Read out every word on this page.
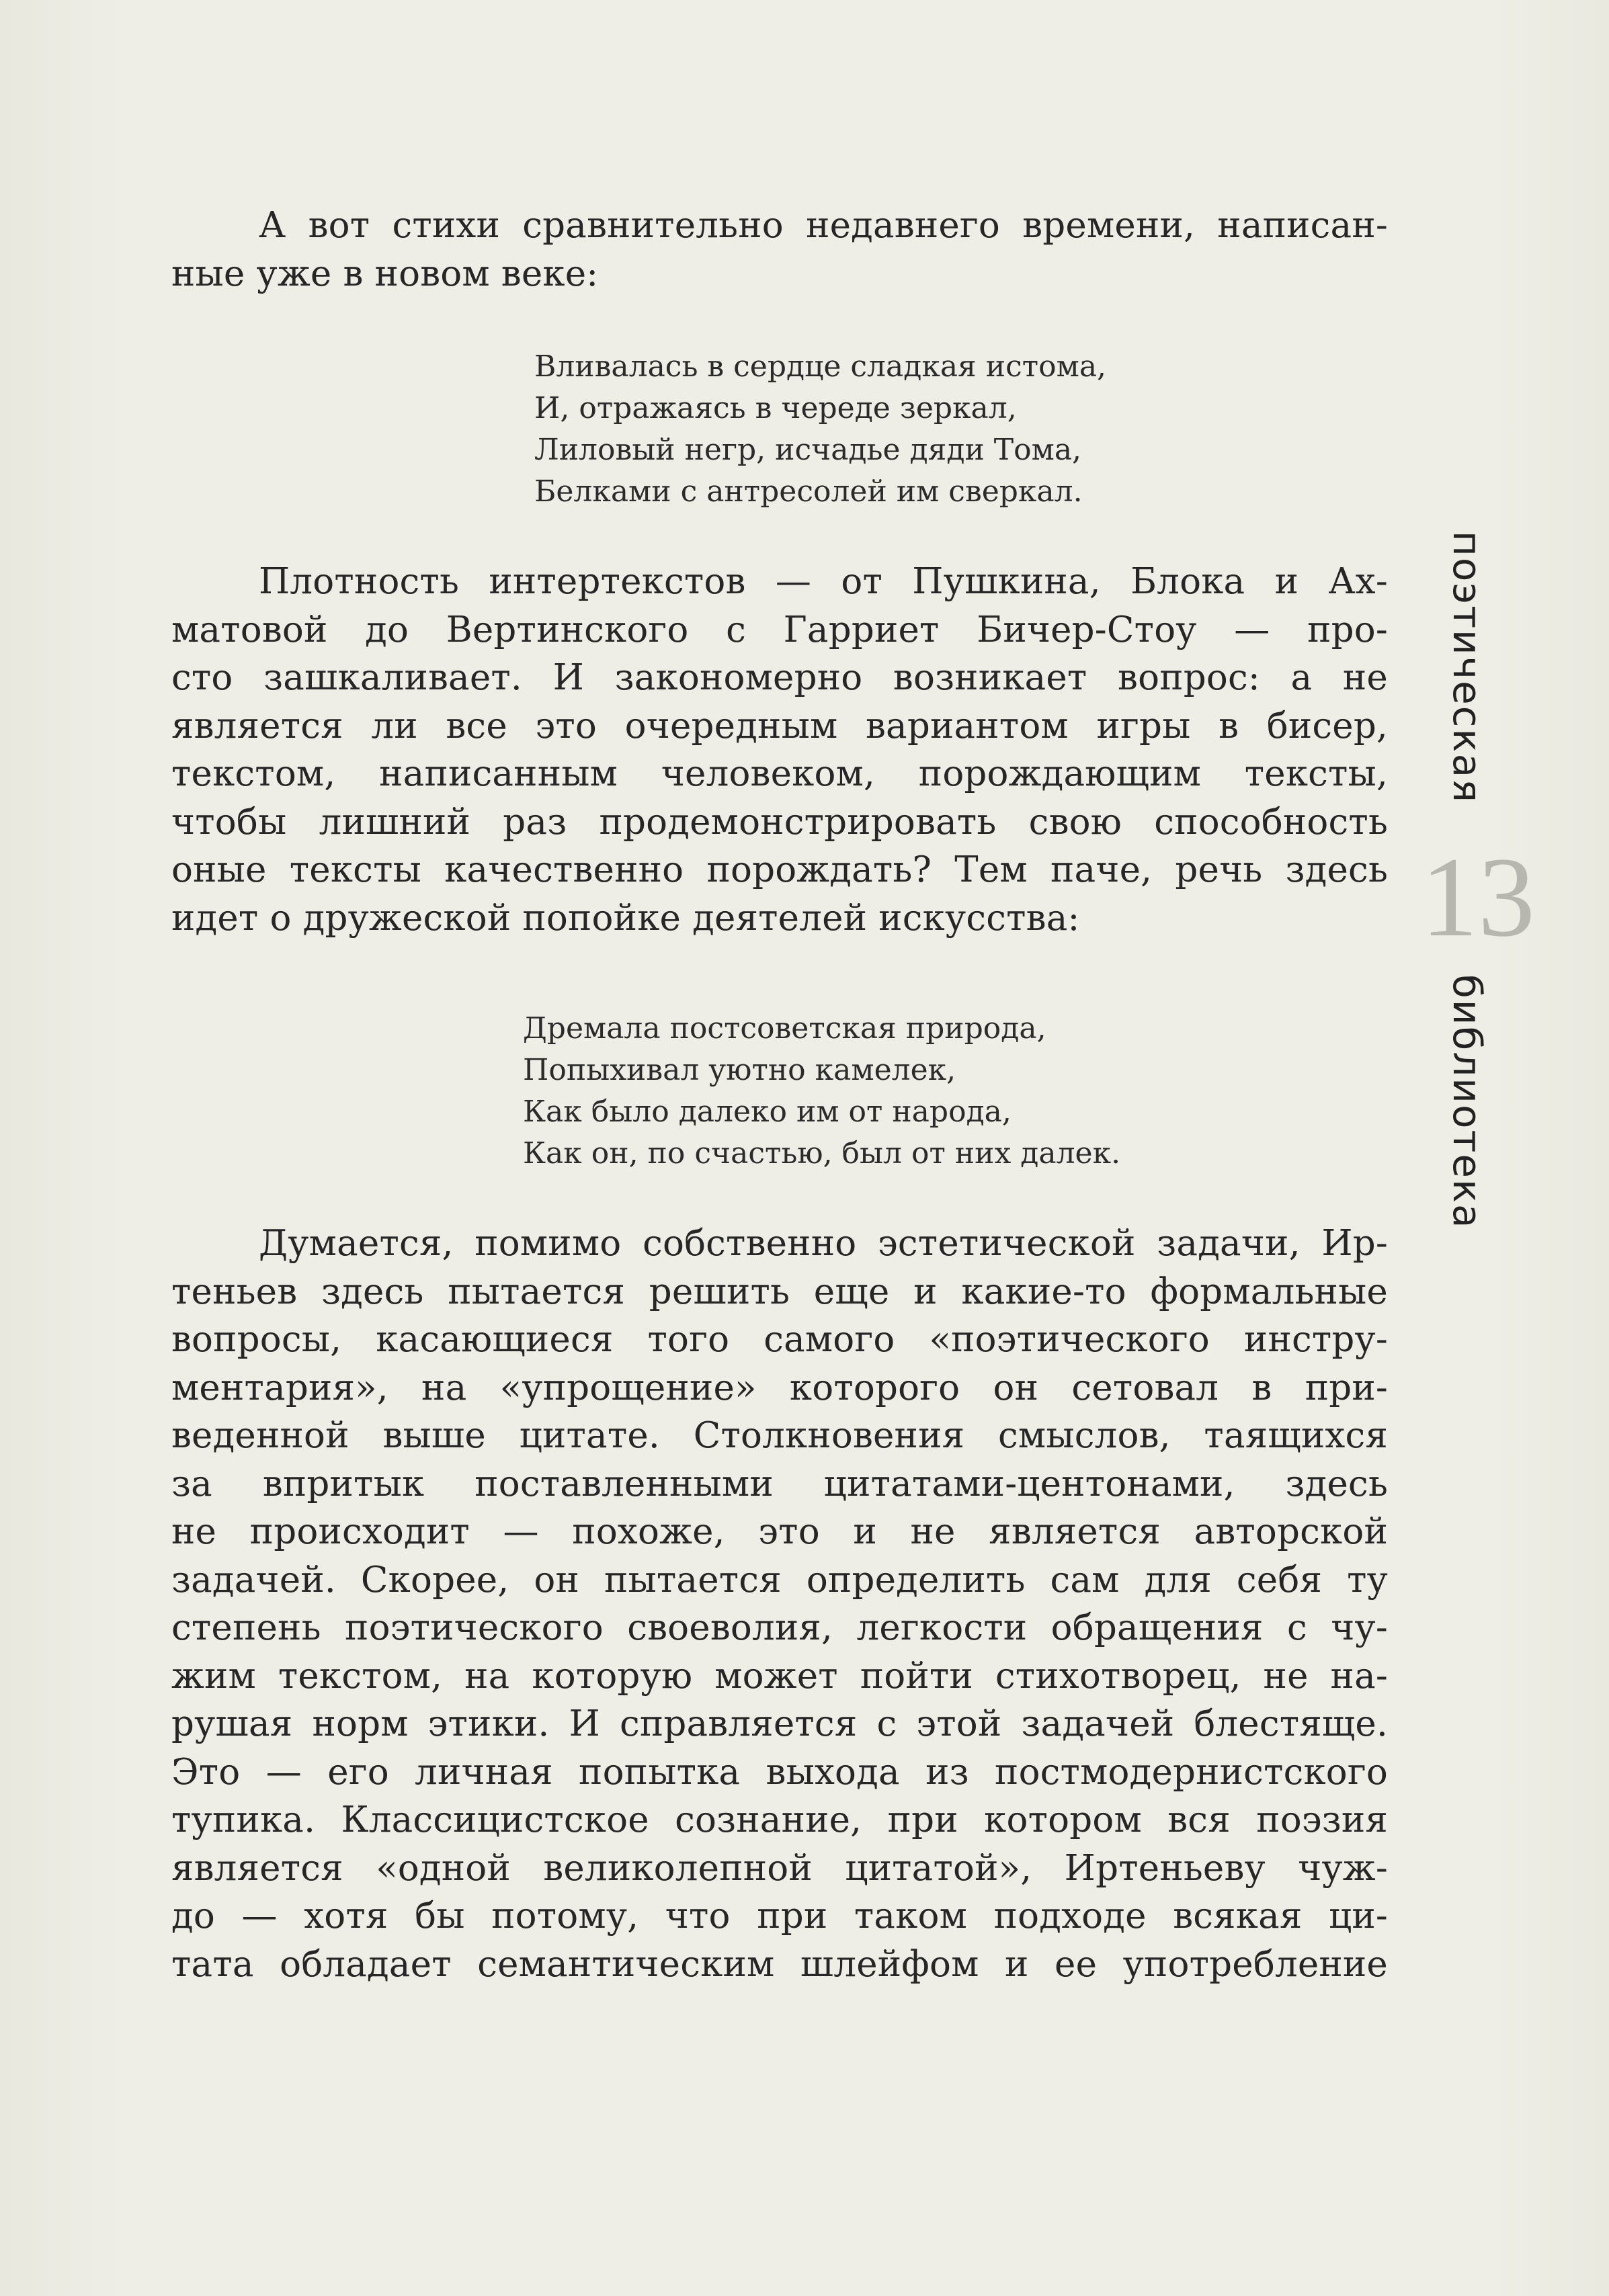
А вот стихи сравнительно недавнего времени, написан-
ные уже в новом веке:

Вливалась в сердце сладкая истома,
И, отражаясь в череде зеркал,
Лиловый негр, исчадье дяди Тома,
Белками с антресолей им сверкал.

Плотность интертекстов — от Пушкина, Блока и Ах-
матовой до Вертинского с Гарриет Бичер-Стоу — про-
сто зашкаливает. И закономерно возникает вопрос: а не
является ли все это очередным вариантом игры в бисер,
текстом, написанным человеком, порождающим тексты,
чтобы лишний раз продемонстрировать свою способность
оные тексты качественно порождать? Тем паче, речь здесь
идет о дружеской попойке деятелей искусства:

Дремала постсоветская природа,
Попыхивал уютно камелек,
Как было далеко им от народа,
Как он, по счастью, был от них далек.

Думается, помимо собственно эстетической задачи, Ир-
теньев здесь пытается решить еще и какие-то формальные
вопросы, касающиеся того самого «поэтического инстру-
ментария», на «упрощение» которого он сетовал в при-
веденной выше цитате. Столкновения смыслов, таящихся
за впритык поставленными цитатами-центонами, здесь
не происходит — похоже, это и не является авторской
задачей. Скорее, он пытается определить сам для себя ту
степень поэтического своеволия, легкости обращения с чу-
жим текстом, на которую может пойти стихотворец, не на-
рушая норм этики. И справляется с этой задачей блестяще.
Это — его личная попытка выхода из постмодернистского
тупика. Классицистское сознание, при котором вся поэзия
является «одной великолепной цитатой», Иртеньеву чуж-
до — хотя бы потому, что при таком подходе всякая ци-
тата обладает семантическим шлейфом и ее употребление

поэтическая
13
библиотека
